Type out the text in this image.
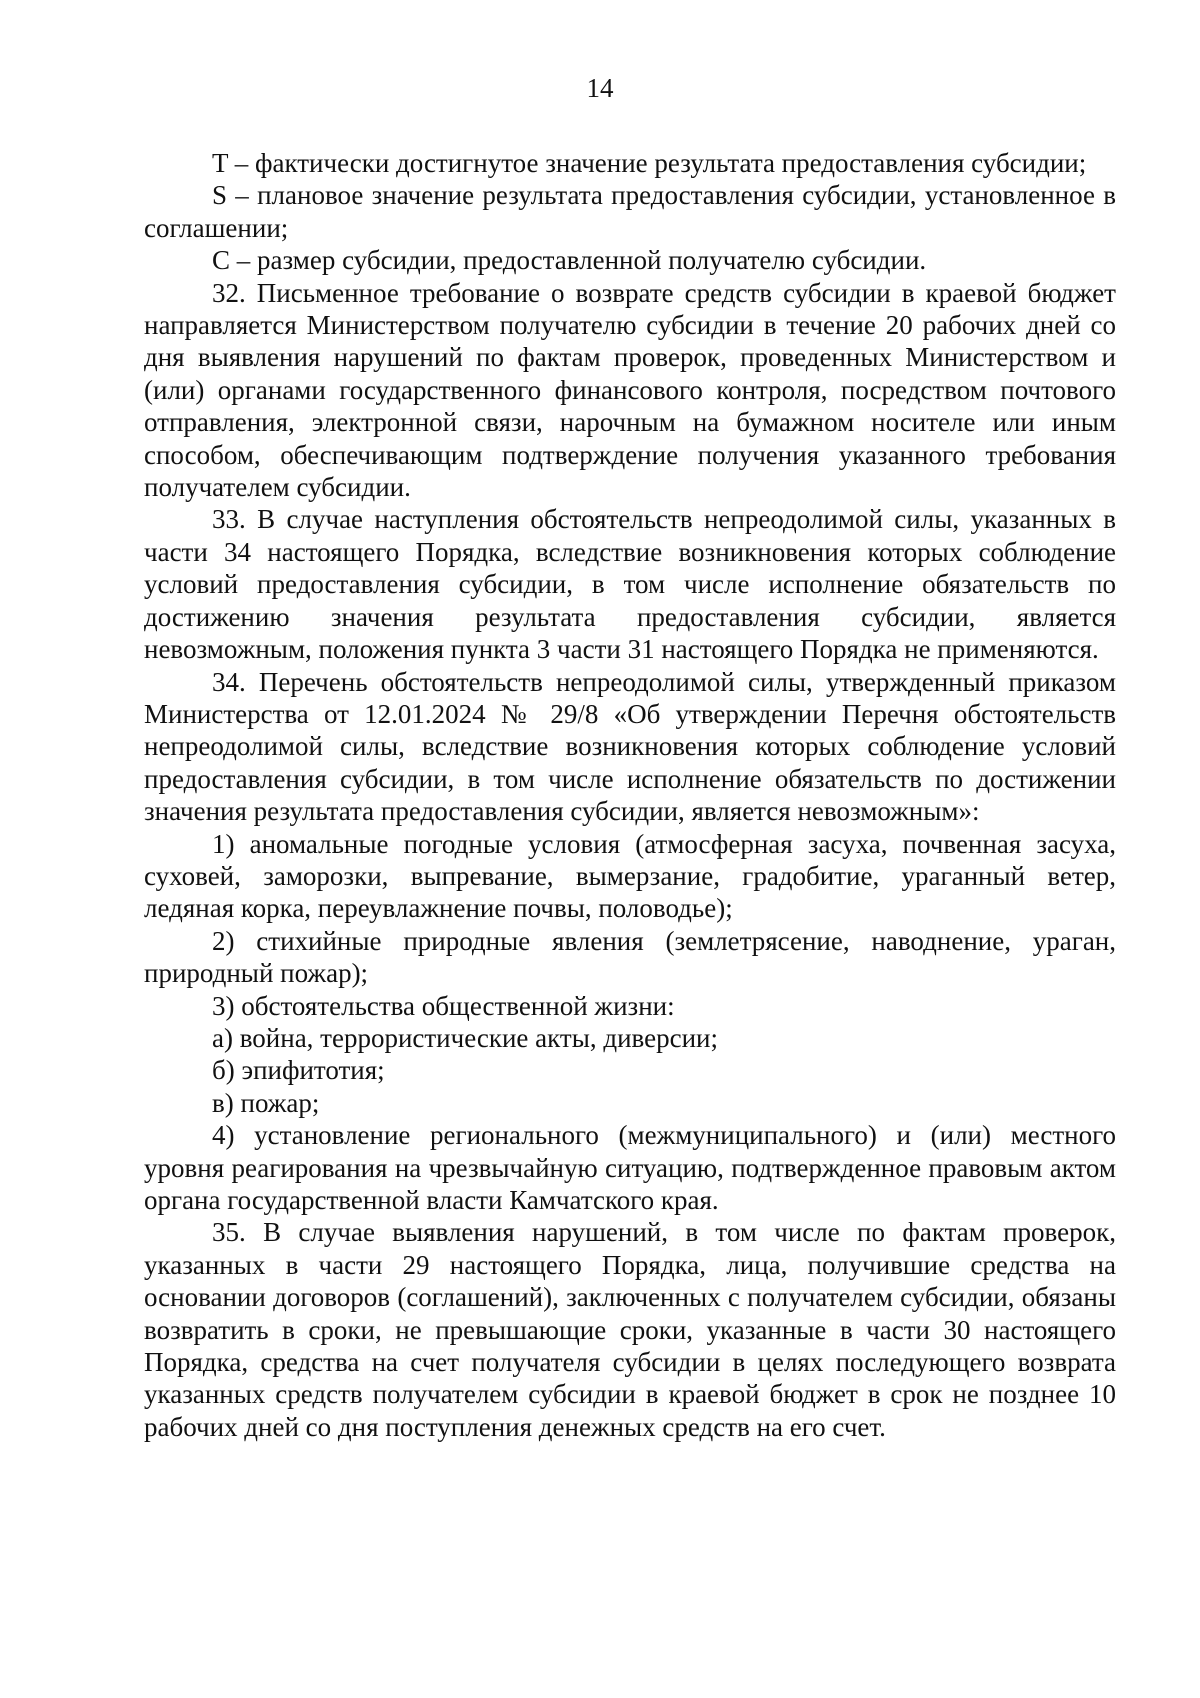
14

T – фактически достигнутое значение результата предоставления субсидии;

S – плановое значение результата предоставления субсидии, установленное в соглашении;

C – размер субсидии, предоставленной получателю субсидии.

32. Письменное требование о возврате средств субсидии в краевой бюджет направляется Министерством получателю субсидии в течение 20 рабочих дней со дня выявления нарушений по фактам проверок, проведенных Министерством и (или) органами государственного финансового контроля, посредством почтового отправления, электронной связи, нарочным на бумажном носителе или иным способом, обеспечивающим подтверждение получения указанного требования получателем субсидии.

33. В случае наступления обстоятельств непреодолимой силы, указанных в части 34 настоящего Порядка, вследствие возникновения которых соблюдение условий предоставления субсидии, в том числе исполнение обязательств по достижению значения результата предоставления субсидии, является невозможным, положения пункта 3 части 31 настоящего Порядка не применяются.

34. Перечень обстоятельств непреодолимой силы, утвержденный приказом Министерства от 12.01.2024 № 29/8 «Об утверждении Перечня обстоятельств непреодолимой силы, вследствие возникновения которых соблюдение условий предоставления субсидии, в том числе исполнение обязательств по достижении значения результата предоставления субсидии, является невозможным»:

1) аномальные погодные условия (атмосферная засуха, почвенная засуха, суховей, заморозки, выпревание, вымерзание, градобитие, ураганный ветер, ледяная корка, переувлажнение почвы, половодье);

2) стихийные природные явления (землетрясение, наводнение, ураган, природный пожар);

3) обстоятельства общественной жизни:

а) война, террористические акты, диверсии;

б) эпифитотия;

в) пожар;

4) установление регионального (межмуниципального) и (или) местного уровня реагирования на чрезвычайную ситуацию, подтвержденное правовым актом органа государственной власти Камчатского края.

35. В случае выявления нарушений, в том числе по фактам проверок, указанных в части 29 настоящего Порядка, лица, получившие средства на основании договоров (соглашений), заключенных с получателем субсидии, обязаны возвратить в сроки, не превышающие сроки, указанные в части 30 настоящего Порядка, средства на счет получателя субсидии в целях последующего возврата указанных средств получателем субсидии в краевой бюджет в срок не позднее 10 рабочих дней со дня поступления денежных средств на его счет.
